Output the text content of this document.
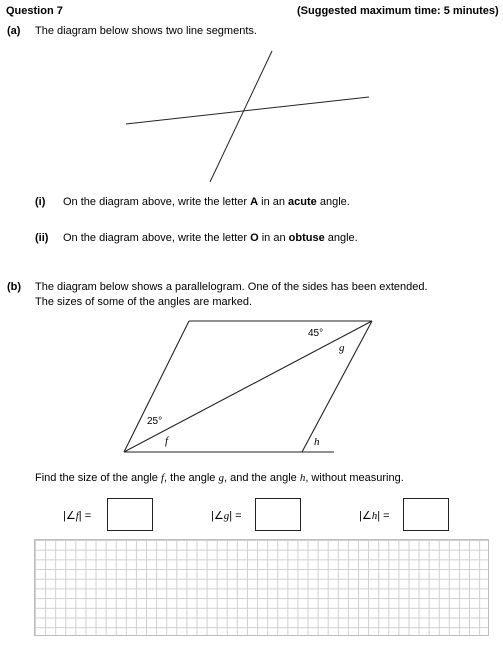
Question 7	(Suggested maximum time: 5 minutes)
(a) The diagram below shows two line segments.
(i) On the diagram above, write the letter A in an acute angle.
(ii) On the diagram above, write the letter O in an obtuse angle.
(b) The diagram below shows a parallelogram. One of the sides has been extended.
The sizes of some of the angles are marked.
45°
g
25°
f	h
Find the size of the angle f, the angle g, and the angle h, without measuring.
|∠f| =	|∠g| =	|∠h| =
